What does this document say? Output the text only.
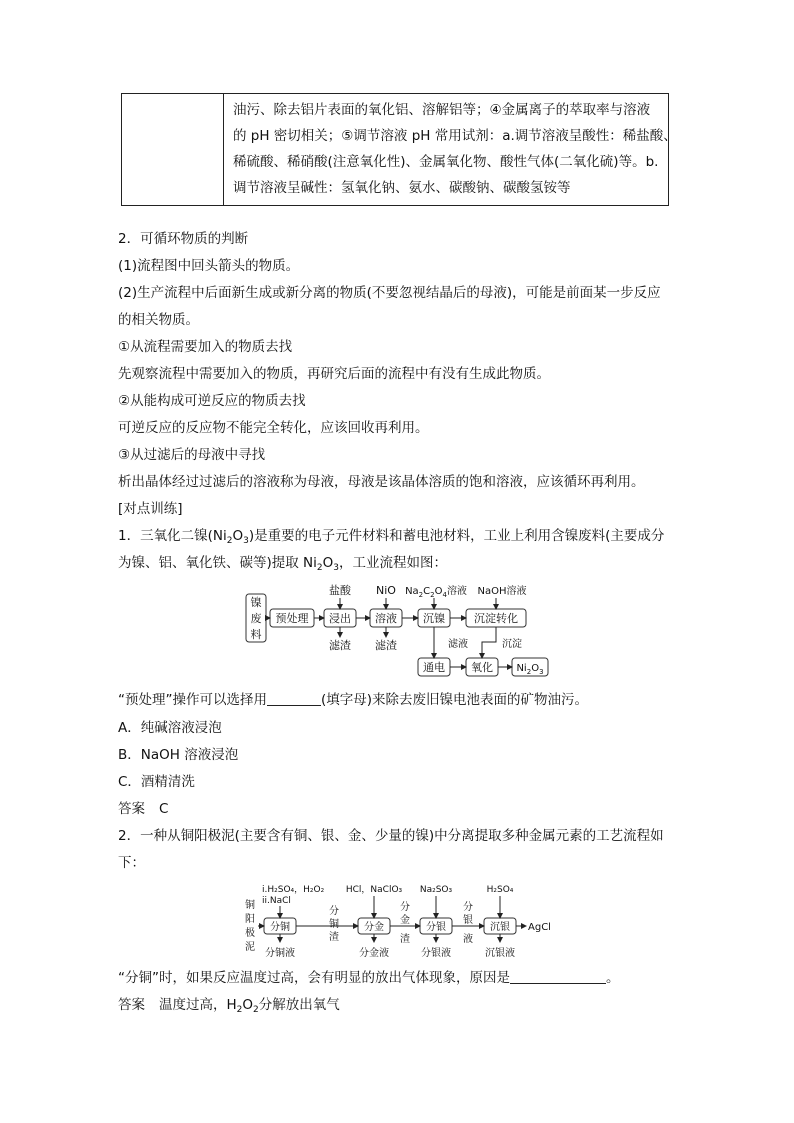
油污、除去铝片表面的氧化铝、溶解铝等；④金属离子的萃取率与溶液
的 pH 密切相关；⑤调节溶液 pH 常用试剂：a.调节溶液呈酸性：稀盐酸、
稀硫酸、稀硝酸(注意氧化性)、金属氧化物、酸性气体(二氧化硫)等。b.
调节溶液呈碱性：氢氧化钠、氨水、碳酸钠、碳酸氢铵等
2．可循环物质的判断
(1)流程图中回头箭头的物质。
(2)生产流程中后面新生成或新分离的物质(不要忽视结晶后的母液)，可能是前面某一步反应
的相关物质。
①从流程需要加入的物质去找
先观察流程中需要加入的物质，再研究后面的流程中有没有生成此物质。
②从能构成可逆反应的物质去找
可逆反应的反应物不能完全转化，应该回收再利用。
③从过滤后的母液中寻找
析出晶体经过过滤后的溶液称为母液，母液是该晶体溶质的饱和溶液，应该循环再利用。
[对点训练]
1．三氧化二镍$(Ni_2O_3)$是重要的电子元件材料和蓄电池材料，工业上利用含镍废料(主要成分
为镍、铝、氧化铁、碳等)提取 $Ni_2O_3$，工业流程如图：
镍
废
料
预处理 浸出 溶液 沉镍	沉淀转化
盐酸 NiO $Na_2C_2O_4$溶液 NaOH溶液
滤渣 滤渣	滤液	沉淀
通电 氧化 $Ni_2O_3$
“预处理”操作可以选择用	(填字母)来除去废旧镍电池表面的矿物油污。
A．纯碱溶液浸泡
B．NaOH 溶液浸泡
C．酒精清洗
答案 C
2．一种从铜阳极泥(主要含有铜、银、金、少量的镍)中分离提取多种金属元素的工艺流程如
下：
铜
阳
极
泥
i.H₂SO₄，H₂O₂
ii.NaCl
HCl，NaClO₃ Na₂SO₃	H₂SO₄
分铜	分金	分银	沉银
分
铜
渣
分
金
渣
分
银
液
分铜液	分金液	分银液	沉银液
AgCl
“分铜”时，如果反应温度过高，会有明显的放出气体现象，原因是	。
答案 温度过高，$H_2O_2$分解放出氧气
